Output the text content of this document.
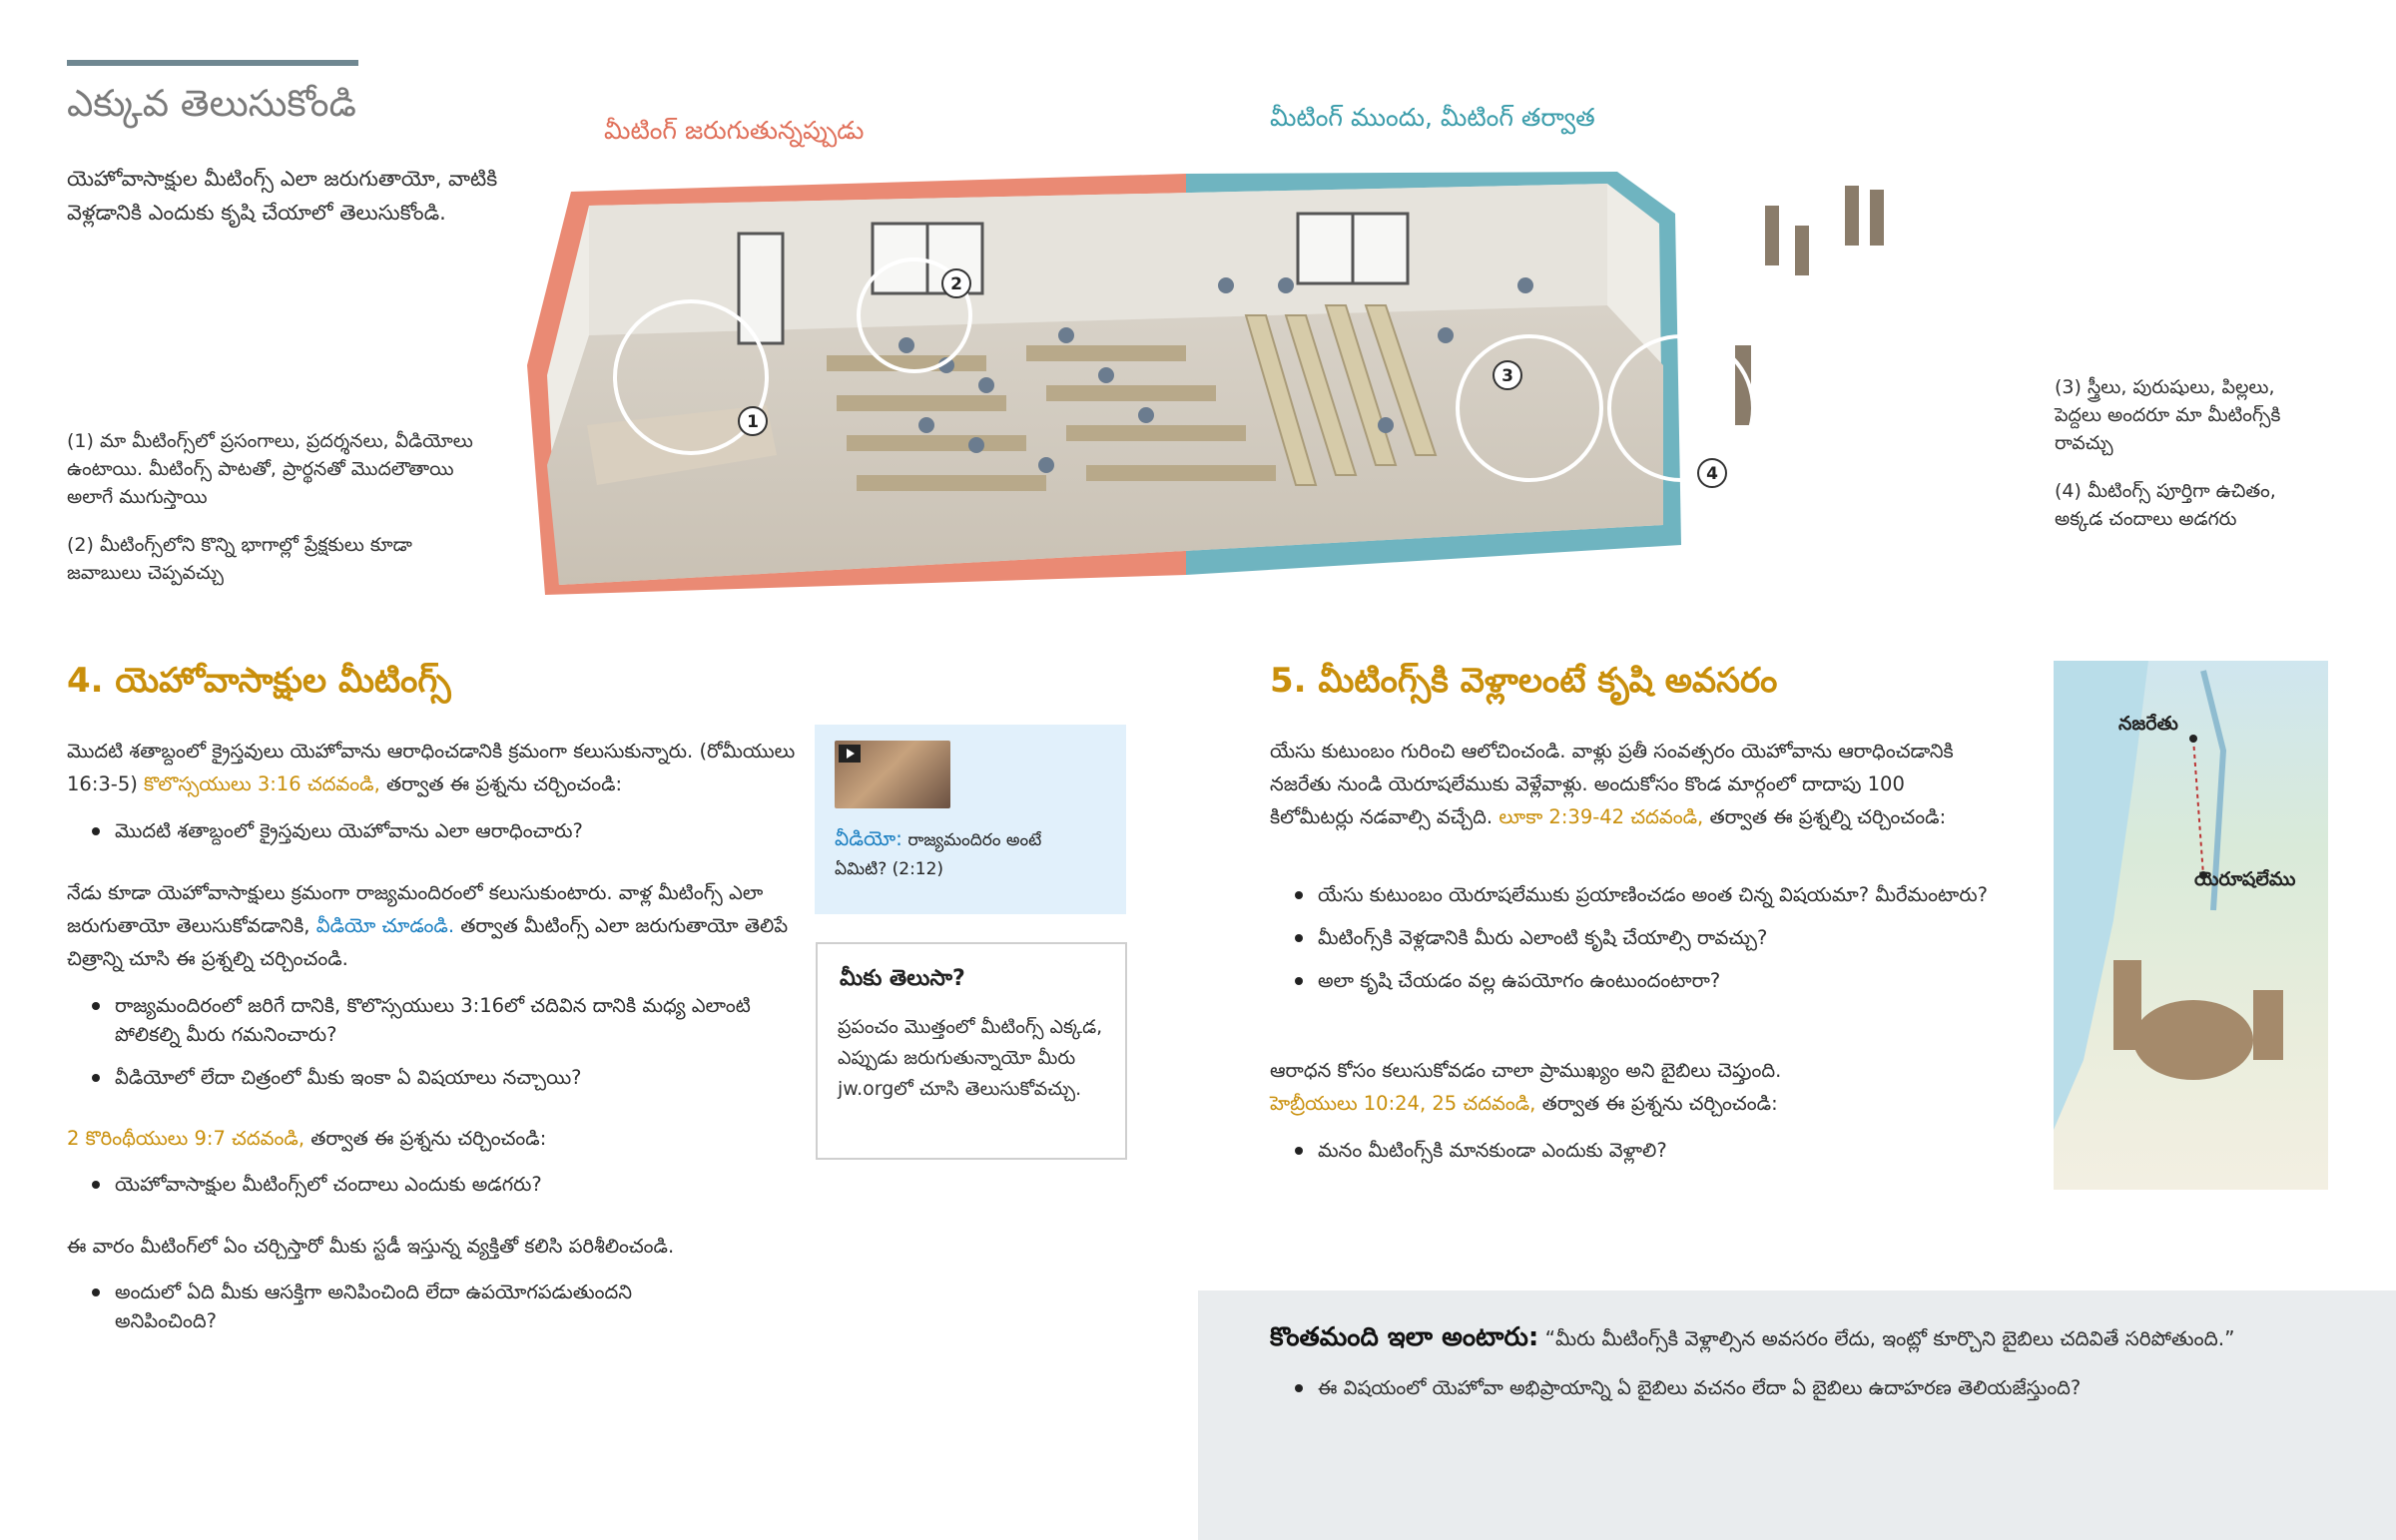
ఎక్కువ తెలుసుకోండి
యెహోవాసాక్షుల మీటింగ్స్‌ ఎలా జరుగుతాయో, వాటికి వెళ్లడానికి ఎందుకు కృషి చేయాలో తెలుసుకోండి.
మీటింగ్‌ జరుగుతున్నప్పుడు	మీటింగ్‌ ముందు, మీటింగ్‌ తర్వాత
1
2
3
4
(1) మా మీటింగ్స్‌లో ప్రసంగాలు, ప్రదర్శనలు, వీడియోలు ఉంటాయి. మీటింగ్స్‌ పాటతో, ప్రార్థనతో మొదలౌతాయి అలాగే ముగుస్తాయి
(2) మీటింగ్స్‌లోని కొన్ని భాగాల్లో ప్రేక్షకులు కూడా జవాబులు చెప్పవచ్చు
(3) స్త్రీలు, పురుషులు, పిల్లలు, పెద్దలు అందరూ మా మీటింగ్స్‌కి రావచ్చు
(4) మీటింగ్స్‌ పూర్తిగా ఉచితం, అక్కడ చందాలు అడగరు
4. యెహోవాసాక్షుల మీటింగ్స్‌
మొదటి శతాబ్దంలో క్రైస్తవులు యెహోవాను ఆరాధించడానికి క్రమంగా కలుసుకున్నారు. (రోమీయులు 16:3-5) కొలొస్సయులు 3:16 చదవండి, తర్వాత ఈ ప్రశ్నను చర్చించండి:
మొదటి శతాబ్దంలో క్రైస్తవులు యెహోవాను ఎలా ఆరాధించారు?
నేడు కూడా యెహోవాసాక్షులు క్రమంగా రాజ్యమందిరంలో కలుసుకుంటారు. వాళ్ల మీటింగ్స్‌ ఎలా జరుగుతాయో తెలుసుకోవడానికి, వీడియో చూడండి. తర్వాత మీటింగ్స్‌ ఎలా జరుగుతాయో తెలిపే చిత్రాన్ని చూసి ఈ ప్రశ్నల్ని చర్చించండి.
రాజ్యమందిరంలో జరిగే దానికి, కొలొస్సయులు 3:16లో చదివిన దానికి మధ్య ఎలాంటి పోలికల్ని మీరు గమనించారు?
వీడియోలో లేదా చిత్రంలో మీకు ఇంకా ఏ విషయాలు నచ్చాయి?
2 కొరింథీయులు 9:7 చదవండి, తర్వాత ఈ ప్రశ్నను చర్చించండి:
యెహోవాసాక్షుల మీటింగ్స్‌లో చందాలు ఎందుకు అడగరు?
ఈ వారం మీటింగ్‌లో ఏం చర్చిస్తారో మీకు స్టడీ ఇస్తున్న వ్యక్తితో కలిసి పరిశీలించండి.
అందులో ఏది మీకు ఆసక్తిగా అనిపించింది లేదా ఉపయోగపడుతుందని అనిపించింది?
వీడియో: రాజ్యమందిరం అంటే ఏమిటి? (2:12)
మీకు తెలుసా?
ప్రపంచం మొత్తంలో మీటింగ్స్‌ ఎక్కడ, ఎప్పుడు జరుగుతున్నాయో మీరు jw.orgలో చూసి తెలుసుకోవచ్చు.
5. మీటింగ్స్‌కి వెళ్లాలంటే కృషి అవసరం
యేసు కుటుంబం గురించి ఆలోచించండి. వాళ్లు ప్రతీ సంవత్సరం యెహోవాను ఆరాధించడానికి నజరేతు నుండి యెరూషలేముకు వెళ్లేవాళ్లు. అందుకోసం కొండ మార్గంలో దాదాపు 100 కిలోమీటర్లు నడవాల్సి వచ్చేది. లూకా 2:39-42 చదవండి, తర్వాత ఈ ప్రశ్నల్ని చర్చించండి:
యేసు కుటుంబం యెరూషలేముకు ప్రయాణించడం అంత చిన్న విషయమా? మీరేమంటారు?
మీటింగ్స్‌కి వెళ్లడానికి మీరు ఎలాంటి కృషి చేయాల్సి రావచ్చు?
అలా కృషి చేయడం వల్ల ఉపయోగం ఉంటుందంటారా?
ఆరాధన కోసం కలుసుకోవడం చాలా ప్రాముఖ్యం అని బైబిలు చెప్తుంది.
హెబ్రీయులు 10:24, 25 చదవండి, తర్వాత ఈ ప్రశ్నను చర్చించండి:
మనం మీటింగ్స్‌కి మానకుండా ఎందుకు వెళ్లాలి?
నజరేతు
యెరూషలేము
కొంతమంది ఇలా అంటారు: “మీరు మీటింగ్స్‌కి వెళ్లాల్సిన అవసరం లేదు, ఇంట్లో కూర్చొని బైబిలు చదివితే సరిపోతుంది.”
ఈ విషయంలో యెహోవా అభిప్రాయాన్ని ఏ బైబిలు వచనం లేదా ఏ బైబిలు ఉదాహరణ తెలియజేస్తుంది?
